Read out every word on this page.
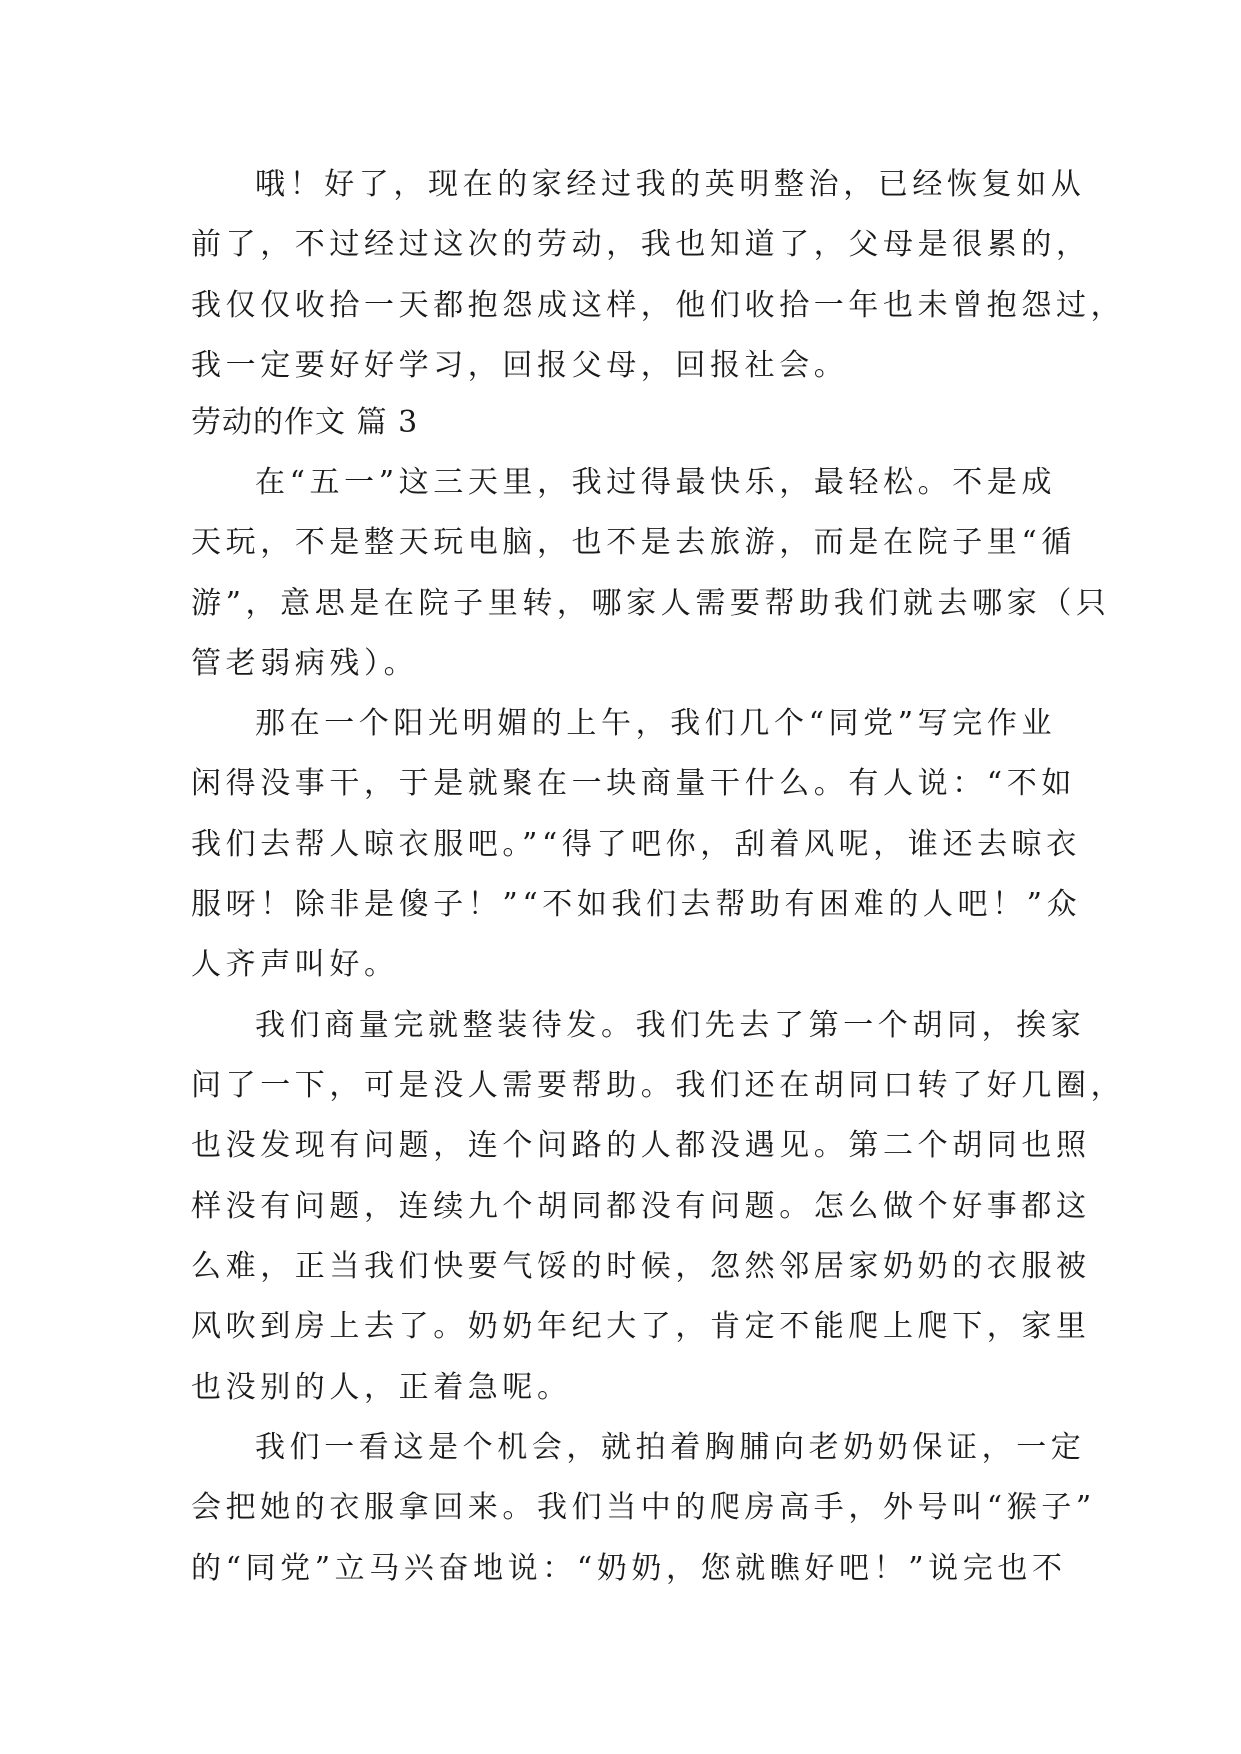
哦！好了，现在的家经过我的英明整治，已经恢复如从
前了，不过经过这次的劳动，我也知道了，父母是很累的，
我仅仅收拾一天都抱怨成这样，他们收拾一年也未曾抱怨过，
我一定要好好学习，回报父母，回报社会。
劳动的作文 篇 3
在“五一”这三天里，我过得最快乐，最轻松。不是成
天玩，不是整天玩电脑，也不是去旅游，而是在院子里“循
游”，意思是在院子里转，哪家人需要帮助我们就去哪家（只
管老弱病残）。
那在一个阳光明媚的上午，我们几个“同党”写完作业
闲得没事干，于是就聚在一块商量干什么。有人说：“不如
我们去帮人晾衣服吧。”“得了吧你，刮着风呢，谁还去晾衣
服呀！除非是傻子！”“不如我们去帮助有困难的人吧！”众
人齐声叫好。
我们商量完就整装待发。我们先去了第一个胡同，挨家
问了一下，可是没人需要帮助。我们还在胡同口转了好几圈，
也没发现有问题，连个问路的人都没遇见。第二个胡同也照
样没有问题，连续九个胡同都没有问题。怎么做个好事都这
么难，正当我们快要气馁的时候，忽然邻居家奶奶的衣服被
风吹到房上去了。奶奶年纪大了，肯定不能爬上爬下，家里
也没别的人，正着急呢。
我们一看这是个机会，就拍着胸脯向老奶奶保证，一定
会把她的衣服拿回来。我们当中的爬房高手，外号叫“猴子”
的“同党”立马兴奋地说：“奶奶，您就瞧好吧！”说完也不
